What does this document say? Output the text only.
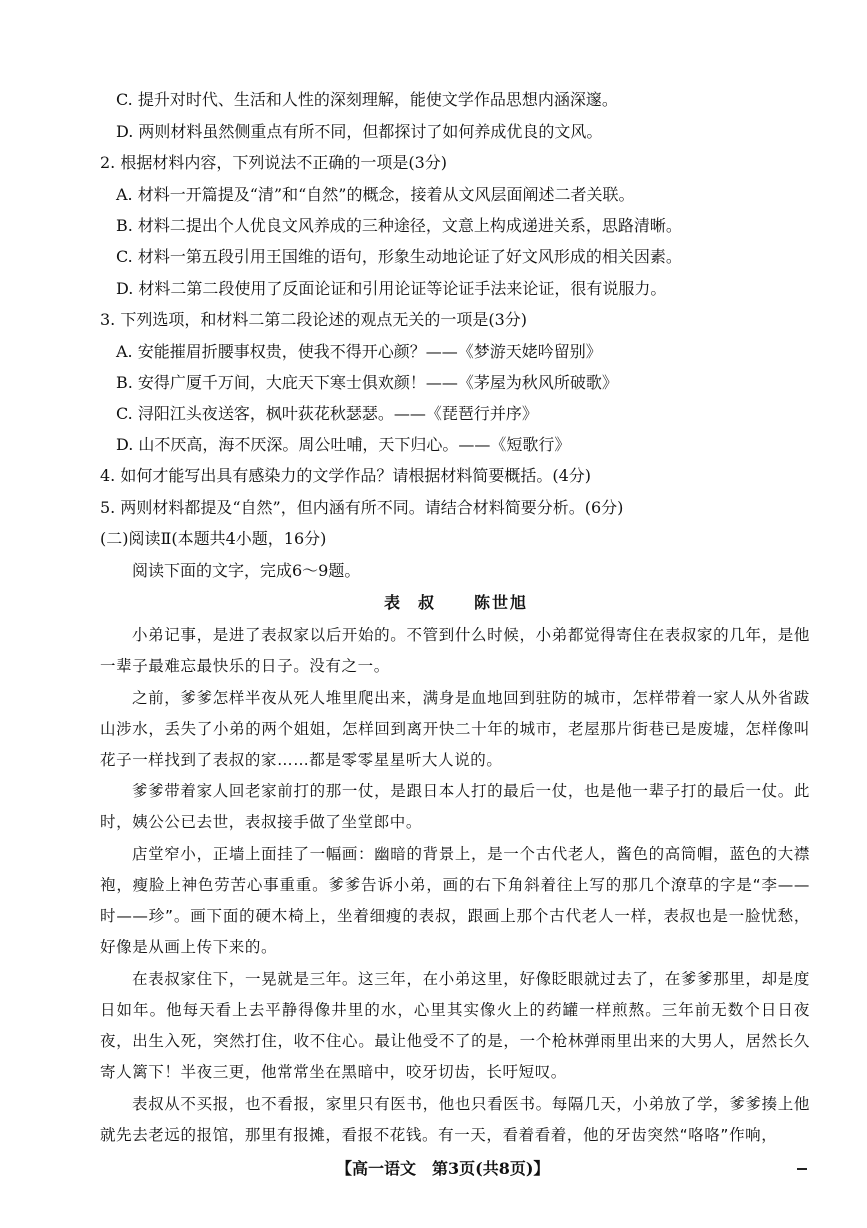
C. 提升对时代、生活和人性的深刻理解，能使文学作品思想内涵深邃。
D. 两则材料虽然侧重点有所不同，但都探讨了如何养成优良的文风。
2. 根据材料内容，下列说法不正确的一项是(3分)
A. 材料一开篇提及“清”和“自然”的概念，接着从文风层面阐述二者关联。
B. 材料二提出个人优良文风养成的三种途径，文意上构成递进关系，思路清晰。
C. 材料一第五段引用王国维的语句，形象生动地论证了好文风形成的相关因素。
D. 材料二第二段使用了反面论证和引用论证等论证手法来论证，很有说服力。
3. 下列选项，和材料二第二段论述的观点无关的一项是(3分)
A. 安能摧眉折腰事权贵，使我不得开心颜？——《梦游天姥吟留别》
B. 安得广厦千万间，大庇天下寒士俱欢颜！——《茅屋为秋风所破歌》
C. 浔阳江头夜送客，枫叶荻花秋瑟瑟。——《琵琶行并序》
D. 山不厌高，海不厌深。周公吐哺，天下归心。——《短歌行》
4. 如何才能写出具有感染力的文学作品？请根据材料简要概括。(4分)
5. 两则材料都提及“自然”，但内涵有所不同。请结合材料简要分析。(6分)
(二)阅读Ⅱ(本题共4小题，16分)
阅读下面的文字，完成6～9题。
表叔 陈世旭
小弟记事，是进了表叔家以后开始的。不管到什么时候，小弟都觉得寄住在表叔家的几年，是他一辈子最难忘最快乐的日子。没有之一。
之前，爹爹怎样半夜从死人堆里爬出来，满身是血地回到驻防的城市，怎样带着一家人从外省跋山涉水，丢失了小弟的两个姐姐，怎样回到离开快二十年的城市，老屋那片街巷已是废墟，怎样像叫花子一样找到了表叔的家……都是零零星星听大人说的。
爹爹带着家人回老家前打的那一仗，是跟日本人打的最后一仗，也是他一辈子打的最后一仗。此时，姨公公已去世，表叔接手做了坐堂郎中。
店堂窄小，正墙上面挂了一幅画：幽暗的背景上，是一个古代老人，酱色的高筒帽，蓝色的大襟袍，瘦脸上神色劳苦心事重重。爹爹告诉小弟，画的右下角斜着往上写的那几个潦草的字是“李——时——珍”。画下面的硬木椅上，坐着细瘦的表叔，跟画上那个古代老人一样，表叔也是一脸忧愁，好像是从画上传下来的。
在表叔家住下，一晃就是三年。这三年，在小弟这里，好像眨眼就过去了，在爹爹那里，却是度日如年。他每天看上去平静得像井里的水，心里其实像火上的药罐一样煎熬。三年前无数个日日夜夜，出生入死，突然打住，收不住心。最让他受不了的是，一个枪林弹雨里出来的大男人，居然长久寄人篱下！半夜三更，他常常坐在黑暗中，咬牙切齿，长吁短叹。
表叔从不买报，也不看报，家里只有医书，他也只看医书。每隔几天，小弟放了学，爹爹揍上他就先去老远的报馆，那里有报摊，看报不花钱。有一天，看着看着，他的牙齿突然“咯咯”作响，
【高一语文　第3页(共8页)】
